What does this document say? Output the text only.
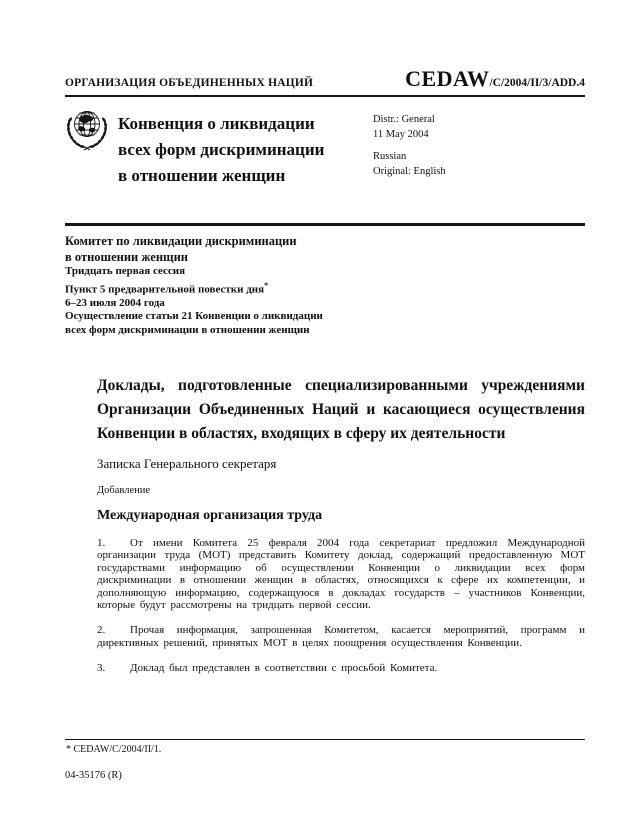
ОРГАНИЗАЦИЯ ОБЪЕДИНЕННЫХ НАЦИЙ	CEDAW/C/2004/II/3/ADD.4
Конвенция о ликвидации
всех форм дискриминации
в отношении женщин
Distr.: General
11 May 2004
Russian
Original: English
Комитет по ликвидации дискриминации
в отношении женщин
Тридцать первая сессия
Пункт 5 предварительной повестки дня*
6–23 июля 2004 года
Осуществление статьи 21 Конвенции о ликвидации
всех форм дискриминации в отношении женщин
Доклады, подготовленные специализированными учреждениями Организации Объединенных Наций и касающиеся осуществления Конвенции в областях, входящих в сферу их деятельности

Записка Генерального секретаря

Добавление

Международная организация труда

1. От имени Комитета 25 февраля 2004 года секретариат предложил Международной организации труда (МОТ) представить Комитету доклад, содержащий предоставленную МОТ государствами информацию об осуществлении Конвенции о ликвидации всех форм дискриминации в отношении женщин в областях, относящихся к сфере их компетенции, и дополняющую информацию, содержащуюся в докладах государств – участников Конвенции, которые будут рассмотрены на тридцать первой сессии.

2. Прочая информация, запрошенная Комитетом, касается мероприятий, программ и директивных решений, принятых МОТ в целях поощрения осуществления Конвенции.

3. Доклад был представлен в соответствии с просьбой Комитета.

* CEDAW/C/2004/II/1.
04-35176 (R)
